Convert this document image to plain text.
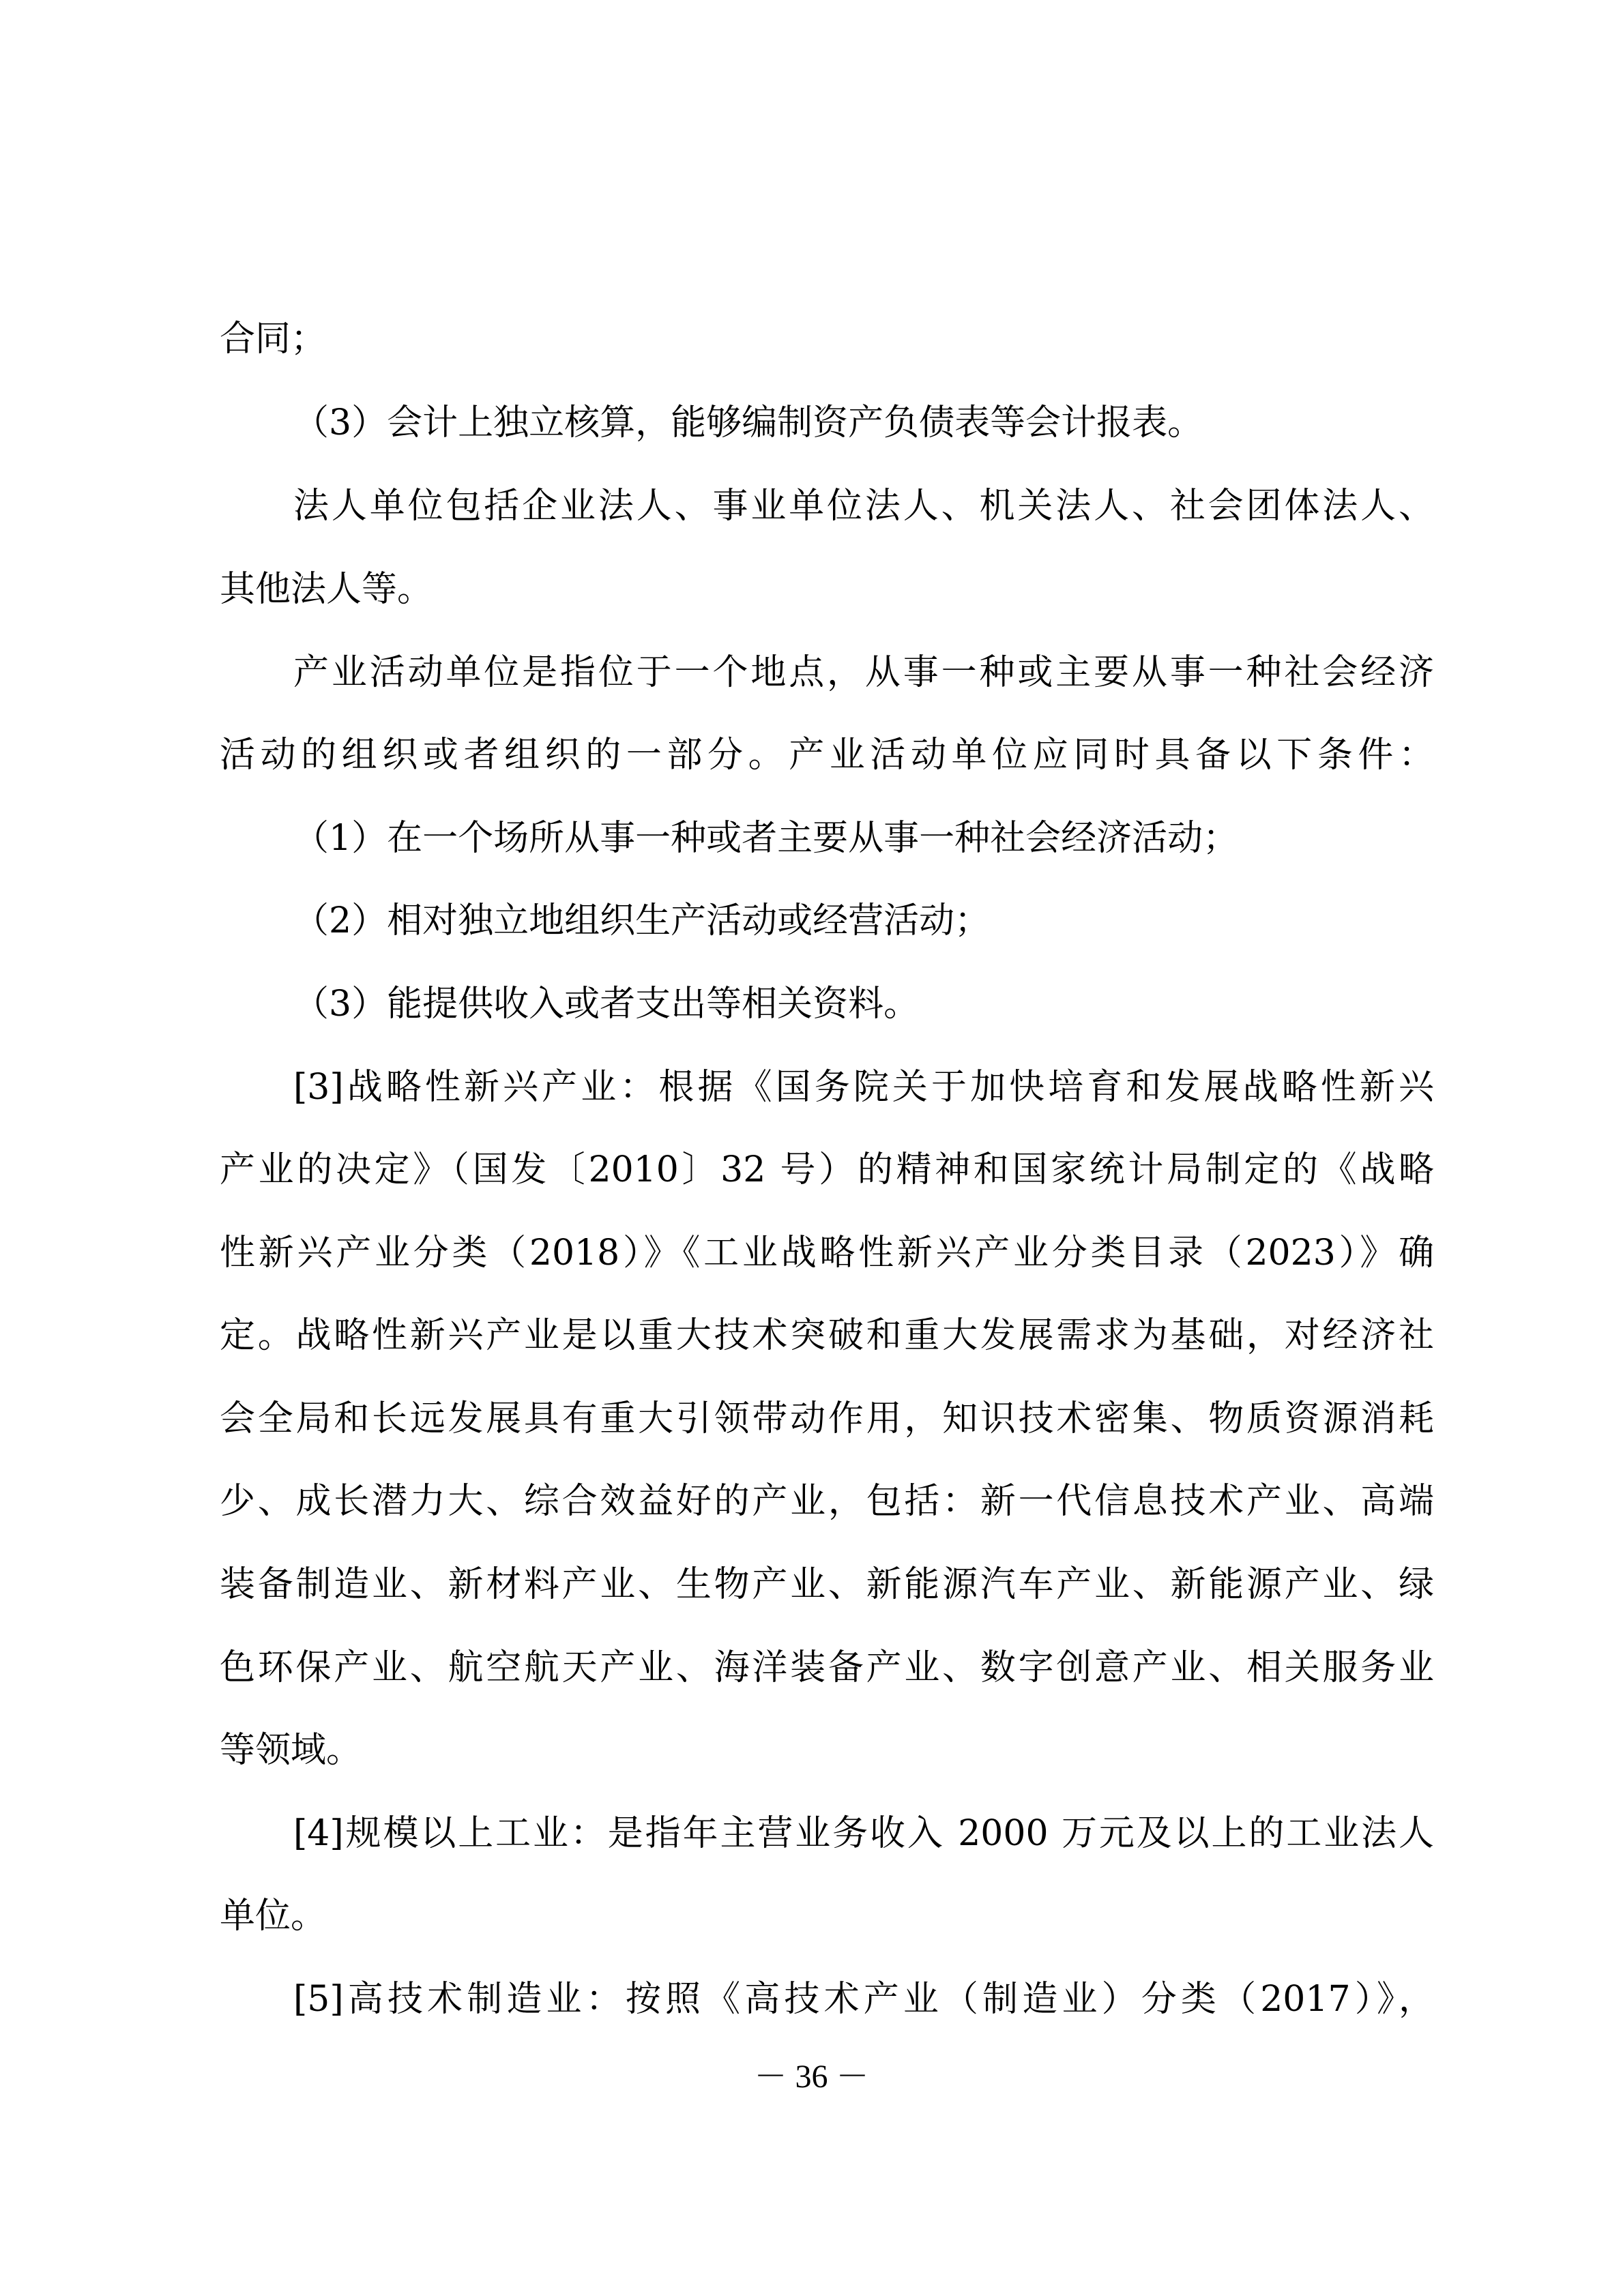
合同；
（3）会计上独立核算，能够编制资产负债表等会计报表。
法人单位包括企业法人、事业单位法人、机关法人、社会团体法人、
其他法人等。
产业活动单位是指位于一个地点，从事一种或主要从事一种社会经济
活动的组织或者组织的一部分。产业活动单位应同时具备以下条件：
（1）在一个场所从事一种或者主要从事一种社会经济活动；
（2）相对独立地组织生产活动或经营活动；
（3）能提供收入或者支出等相关资料。
[3]战略性新兴产业：根据《国务院关于加快培育和发展战略性新兴
产业的决定》（国发〔2010〕32 号）的精神和国家统计局制定的《战略
性新兴产业分类（2018）》《工业战略性新兴产业分类目录（2023）》确
定。战略性新兴产业是以重大技术突破和重大发展需求为基础，对经济社
会全局和长远发展具有重大引领带动作用，知识技术密集、物质资源消耗
少、成长潜力大、综合效益好的产业，包括：新一代信息技术产业、高端
装备制造业、新材料产业、生物产业、新能源汽车产业、新能源产业、绿
色环保产业、航空航天产业、海洋装备产业、数字创意产业、相关服务业
等领域。
[4]规模以上工业：是指年主营业务收入 2000 万元及以上的工业法人
单位。
[5]高技术制造业：按照《高技术产业（制造业）分类（2017）》，
－ 36 －
